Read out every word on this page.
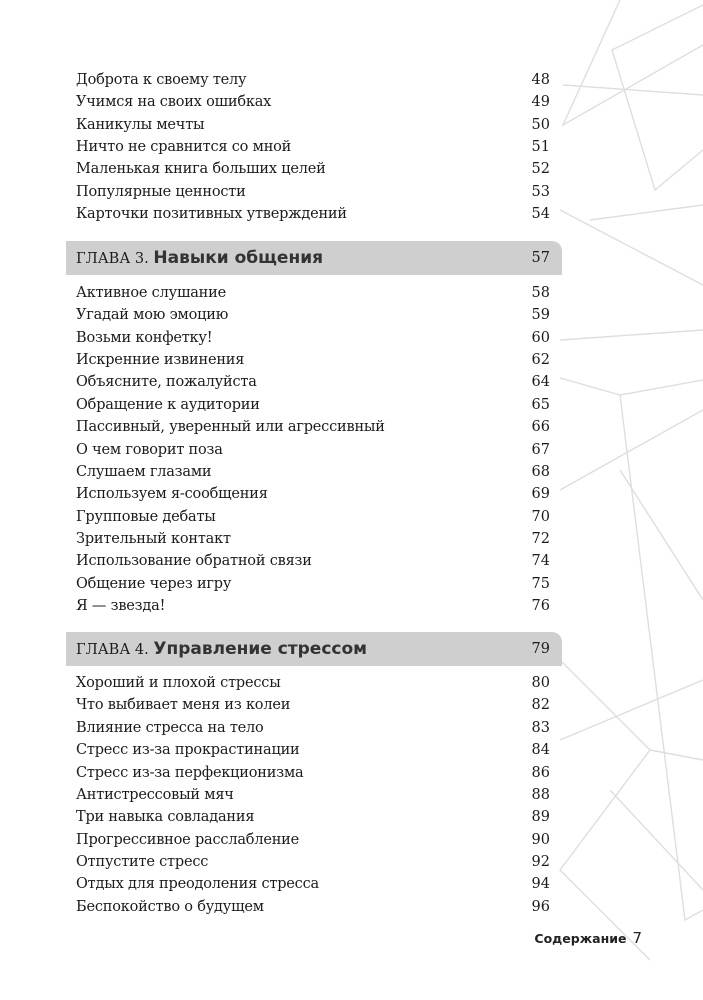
Доброта к своему телу	48
Учимся на своих ошибках	49
Каникулы мечты	50
Ничто не сравнится со мной	51
Маленькая книга больших целей	52
Популярные ценности	53
Карточки позитивных утверждений	54
ГЛАВА 3. Навыки общения	57
Активное слушание	58
Угадай мою эмоцию	59
Возьми конфетку!	60
Искренние извинения	62
Объясните, пожалуйста	64
Обращение к аудитории	65
Пассивный, уверенный или агрессивный	66
О чем говорит поза	67
Слушаем глазами	68
Используем я-сообщения	69
Групповые дебаты	70
Зрительный контакт	72
Использование обратной связи	74
Общение через игру	75
Я — звезда!	76
ГЛАВА 4. Управление стрессом	79
Хороший и плохой стрессы	80
Что выбивает меня из колеи	82
Влияние стресса на тело	83
Стресс из-за прокрастинации	84
Стресс из-за перфекционизма	86
Антистрессовый мяч	88
Три навыка совладания	89
Прогрессивное расслабление	90
Отпустите стресс	92
Отдых для преодоления стресса	94
Беспокойство о будущем	96
Содержание 7
